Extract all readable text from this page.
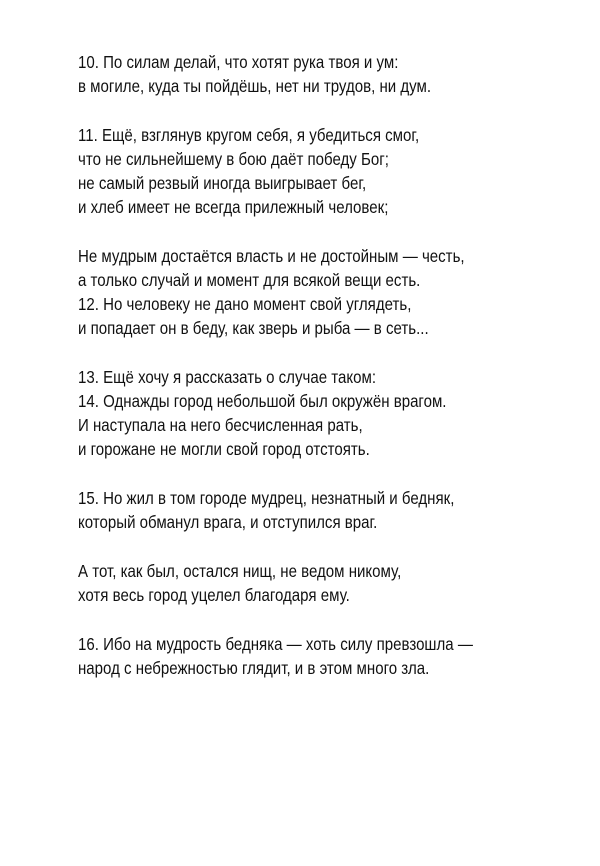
10. По силам делай, что хотят рука твоя и ум:
в могиле, куда ты пойдёшь, нет ни трудов, ни дум.
11. Ещё, взглянув кругом себя, я убедиться смог,
что не сильнейшему в бою даёт победу Бог;
не самый резвый иногда выигрывает бег,
и хлеб имеет не всегда прилежный человек;
Не мудрым достаётся власть и не достойным — честь,
а только случай и момент для всякой вещи есть.
12. Но человеку не дано момент свой углядеть,
и попадает он в беду, как зверь и рыба — в сеть...
13. Ещё хочу я рассказать о случае таком:
14. Однажды город небольшой был окружён врагом.
И наступала на него бесчисленная рать,
и горожане не могли свой город отстоять.
15. Но жил в том городе мудрец, незнатный и бедняк,
который обманул врага, и отступился враг.
А тот, как был, остался нищ, не ведом никому,
хотя весь город уцелел благодаря ему.
16. Ибо на мудрость бедняка — хоть силу превзошла —
народ с небрежностью глядит, и в этом много зла.
